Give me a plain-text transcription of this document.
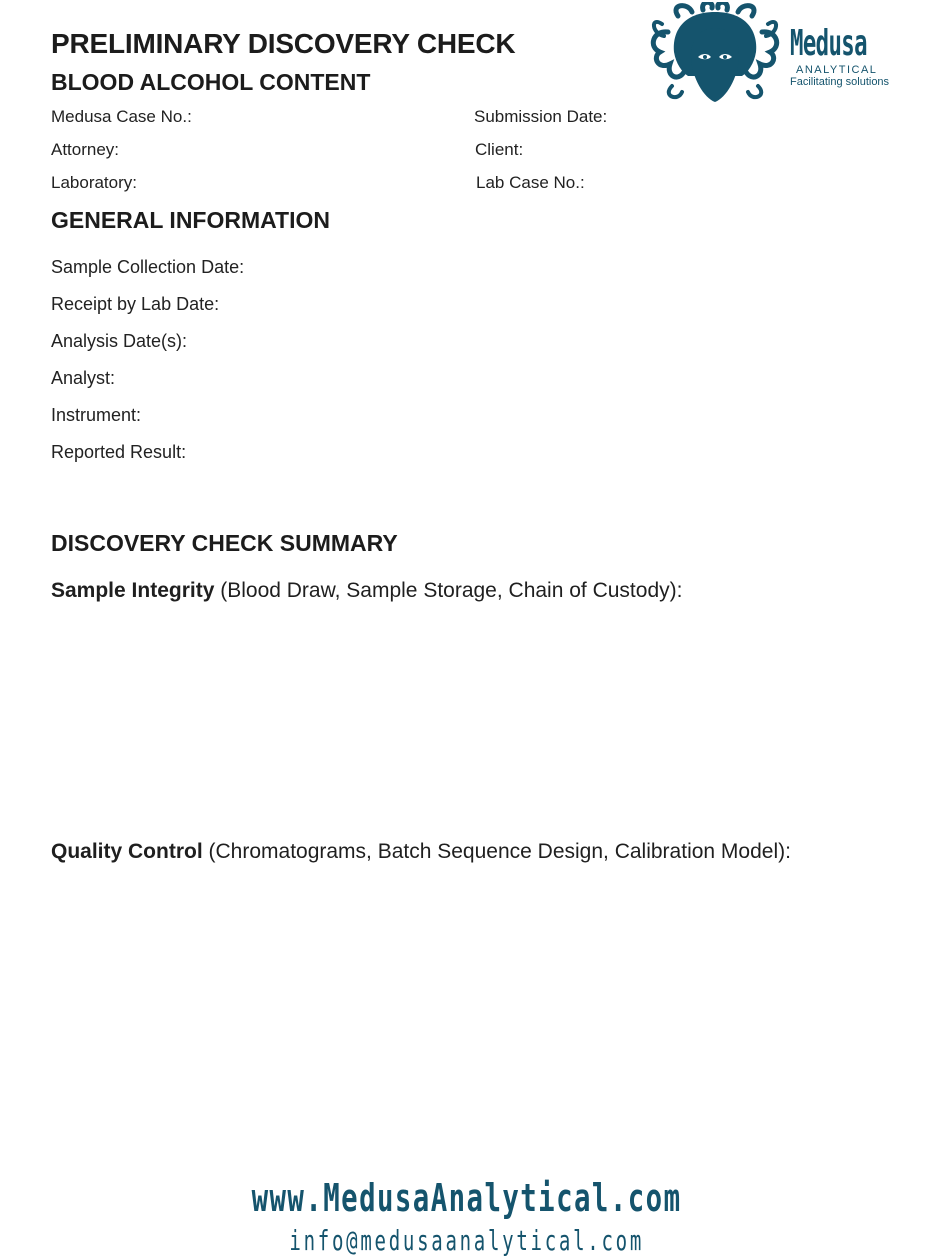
PRELIMINARY DISCOVERY CHECK
BLOOD ALCOHOL CONTENT
Medusa
ANALYTICAL
Facilitating solutions
Medusa Case No.:	Submission Date:
Attorney:	Client:
Laboratory:	Lab Case No.:
GENERAL INFORMATION
Sample Collection Date:
Receipt by Lab Date:
Analysis Date(s):
Analyst:
Instrument:
Reported Result:
DISCOVERY CHECK SUMMARY
Sample Integrity (Blood Draw, Sample Storage, Chain of Custody):
Quality Control (Chromatograms, Batch Sequence Design, Calibration Model):
www.MedusaAnalytical.com
info@medusaanalytical.com
